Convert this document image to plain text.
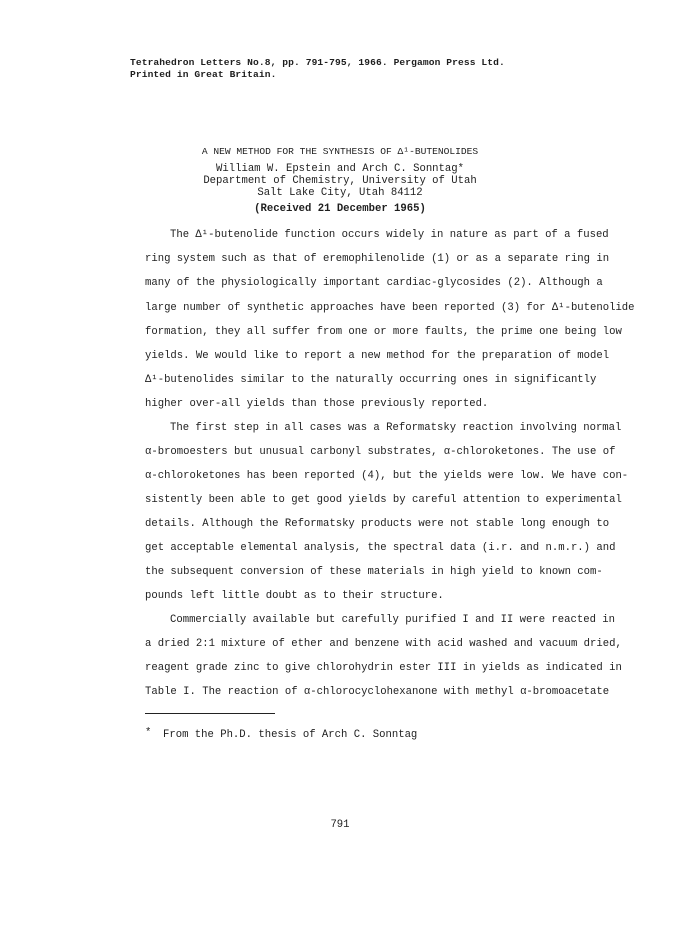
Tetrahedron Letters No.8, pp. 791-795, 1966. Pergamon Press Ltd.
Printed in Great Britain.
A NEW METHOD FOR THE SYNTHESIS OF Δ¹-BUTENOLIDES
William W. Epstein and Arch C. Sonntag*
Department of Chemistry, University of Utah
Salt Lake City, Utah 84112
(Received 21 December 1965)
The Δ¹-butenolide function occurs widely in nature as part of a fused
ring system such as that of eremophilenolide (1) or as a separate ring in
many of the physiologically important cardiac-glycosides (2). Although a
large number of synthetic approaches have been reported (3) for Δ¹-butenolide
formation, they all suffer from one or more faults, the prime one being low
yields. We would like to report a new method for the preparation of model
Δ¹-butenolides similar to the naturally occurring ones in significantly
higher over-all yields than those previously reported.
The first step in all cases was a Reformatsky reaction involving normal
α-bromoesters but unusual carbonyl substrates, α-chloroketones. The use of
α-chloroketones has been reported (4), but the yields were low. We have con-
sistently been able to get good yields by careful attention to experimental
details. Although the Reformatsky products were not stable long enough to
get acceptable elemental analysis, the spectral data (i.r. and n.m.r.) and
the subsequent conversion of these materials in high yield to known com-
pounds left little doubt as to their structure.
Commercially available but carefully purified I and II were reacted in
a dried 2:1 mixture of ether and benzene with acid washed and vacuum dried,
reagent grade zinc to give chlorohydrin ester III in yields as indicated in
Table I. The reaction of α-chlorocyclohexanone with methyl α-bromoacetate
* From the Ph.D. thesis of Arch C. Sonntag
791
